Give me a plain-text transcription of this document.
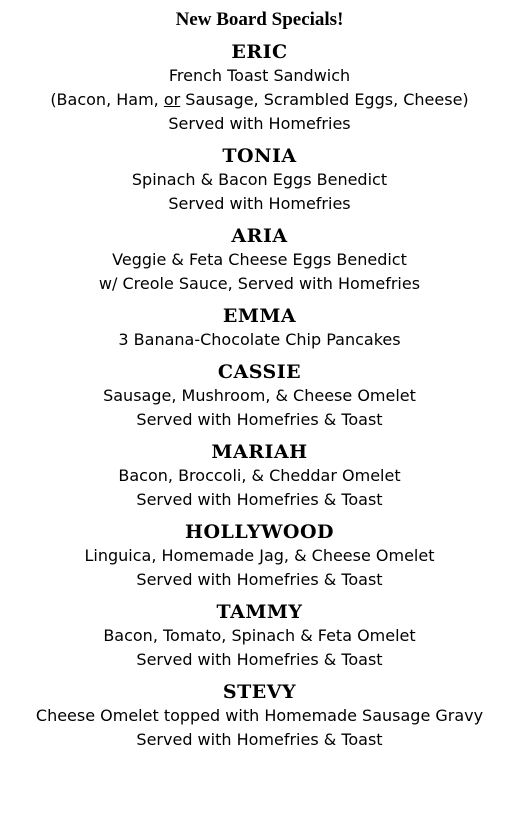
New Board Specials!
ERIC
French Toast Sandwich
(Bacon, Ham, or Sausage, Scrambled Eggs, Cheese)
Served with Homefries
TONIA
Spinach & Bacon Eggs Benedict
Served with Homefries
ARIA
Veggie & Feta Cheese Eggs Benedict
w/ Creole Sauce, Served with Homefries
EMMA
3 Banana-Chocolate Chip Pancakes
CASSIE
Sausage, Mushroom, & Cheese Omelet
Served with Homefries & Toast
MARIAH
Bacon, Broccoli, & Cheddar Omelet
Served with Homefries & Toast
HOLLYWOOD
Linguica, Homemade Jag, & Cheese Omelet
Served with Homefries & Toast
TAMMY
Bacon, Tomato, Spinach & Feta Omelet
Served with Homefries & Toast
STEVY
Cheese Omelet topped with Homemade Sausage Gravy
Served with Homefries & Toast
